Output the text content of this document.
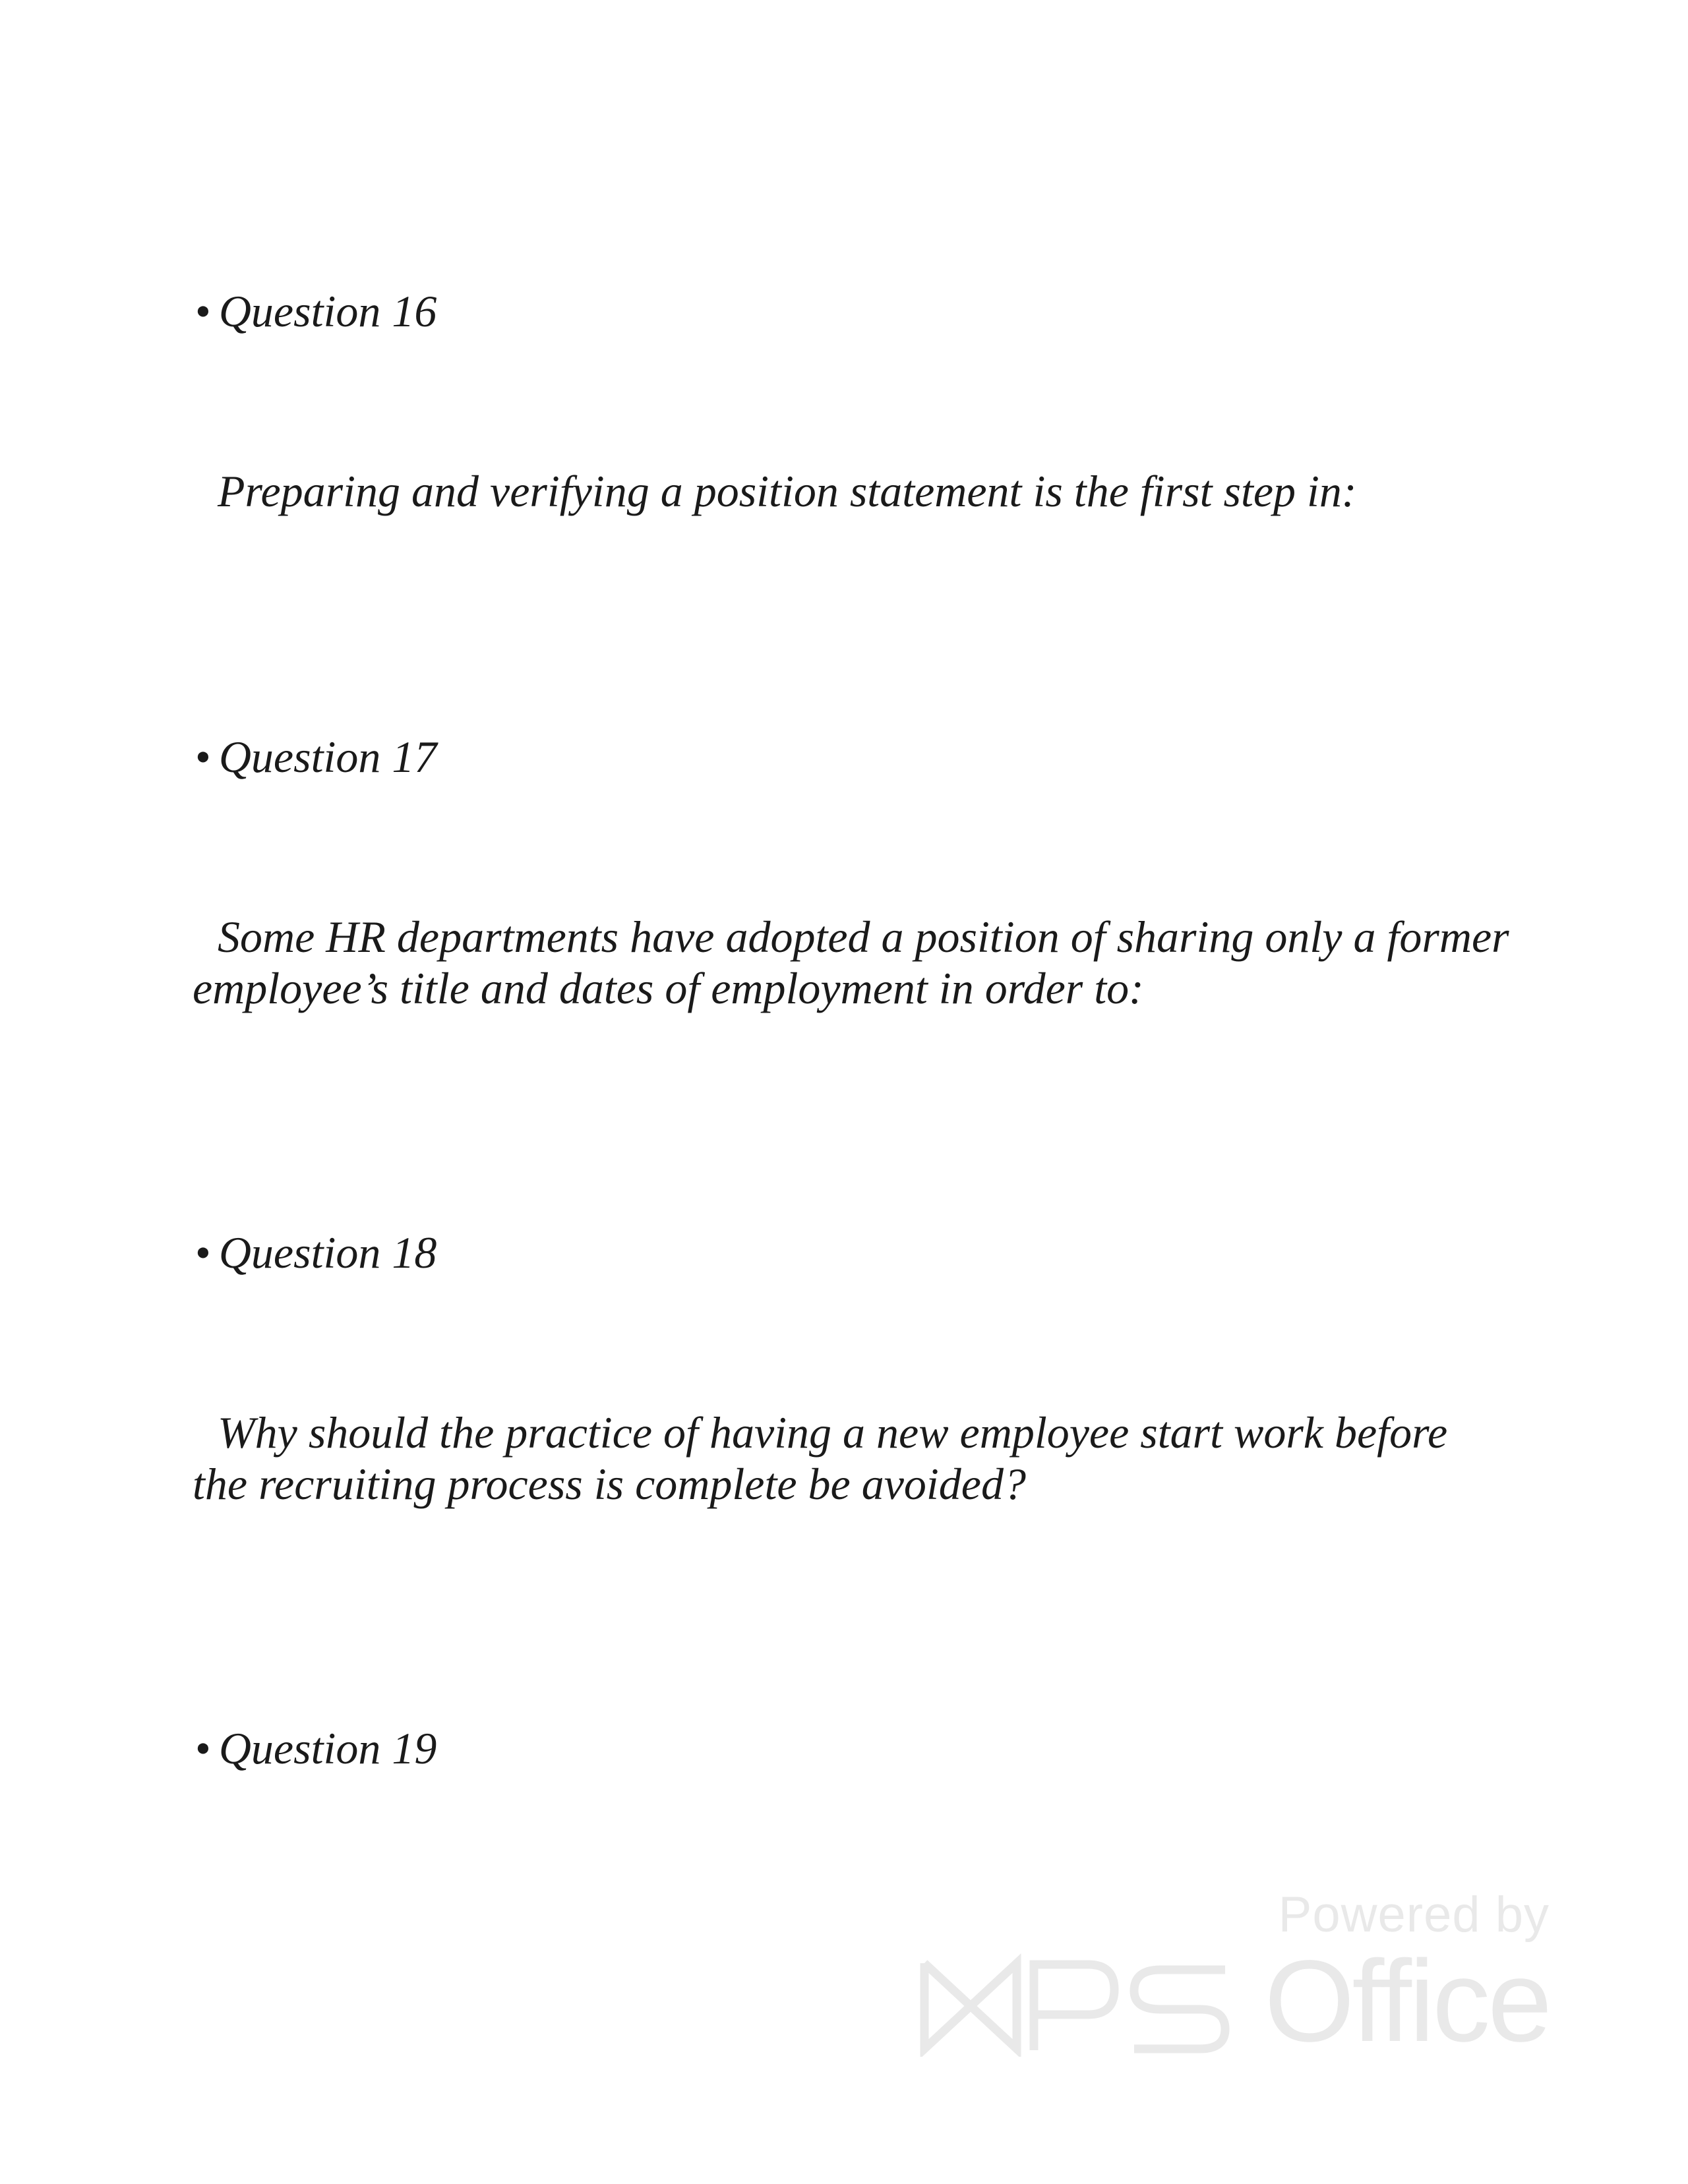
• Question 16

Preparing and verifying a position statement is the first step in:

• Question 17

Some HR departments have adopted a position of sharing only a former employee’s title and dates of employment in order to:

• Question 18

Why should the practice of having a new employee start work before the recruiting process is complete be avoided?

• Question 19
Powered by
Office
